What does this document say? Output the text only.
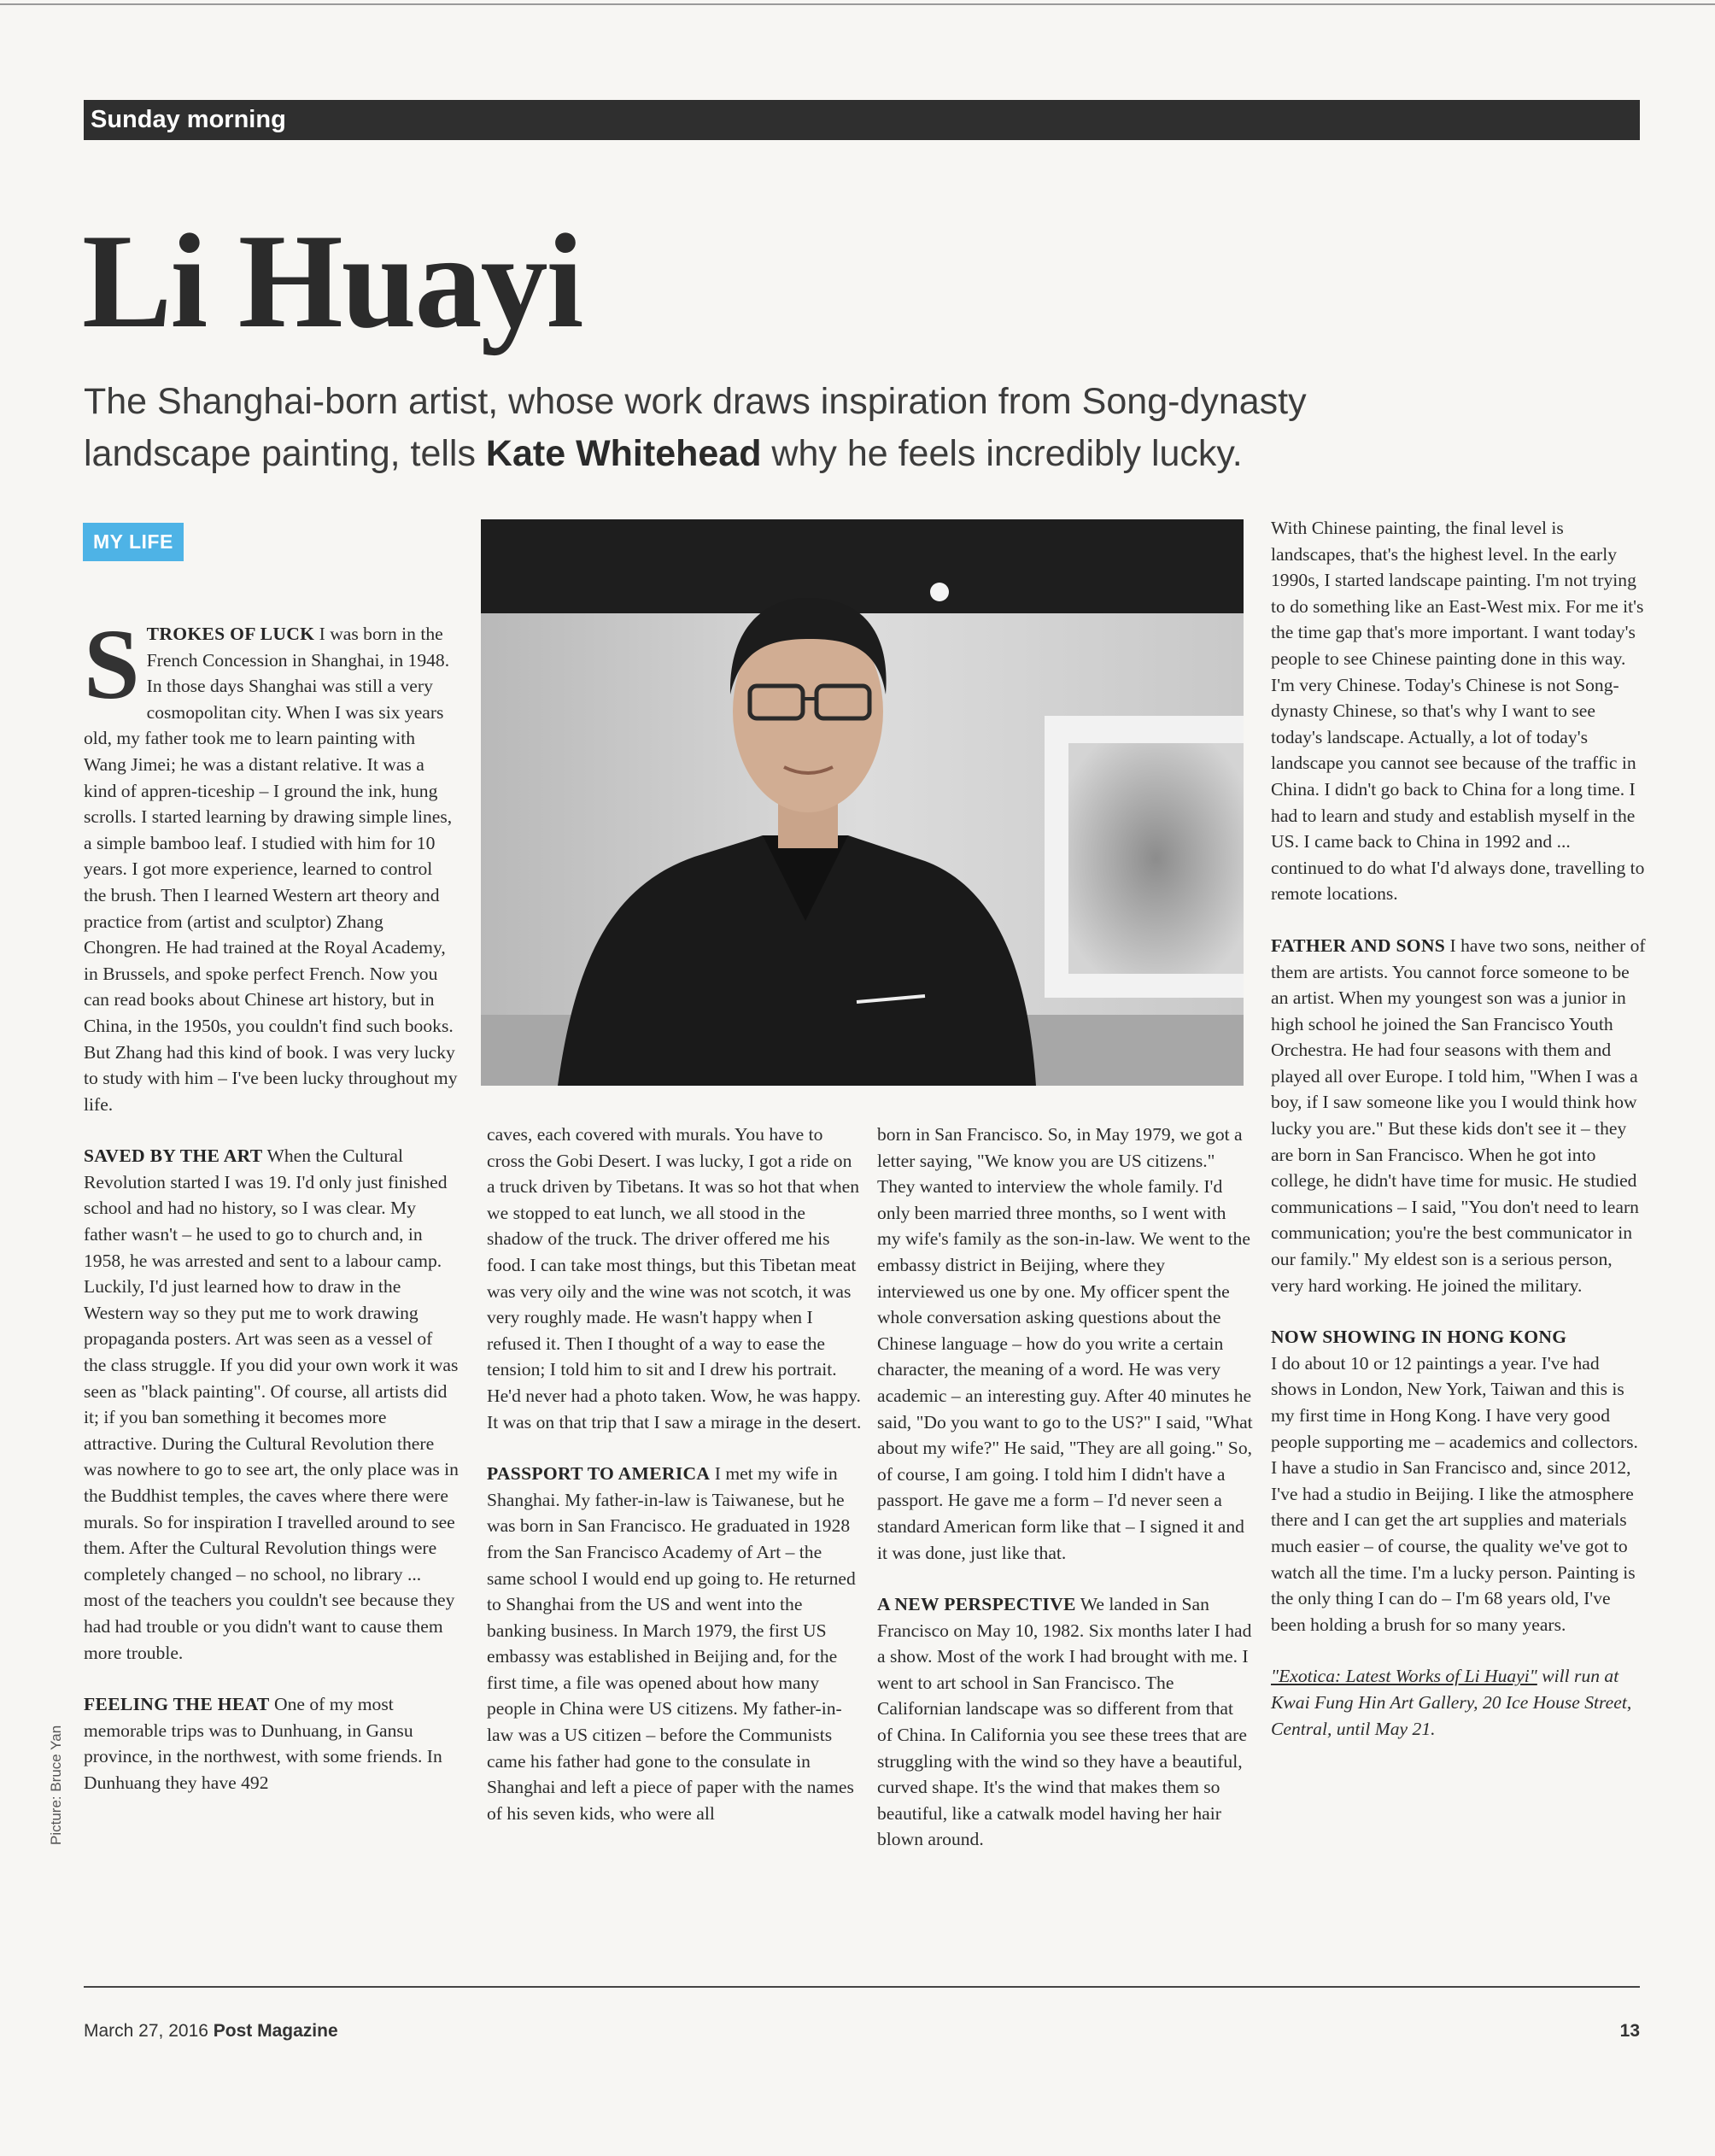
Sunday morning
Li Huayi
The Shanghai-born artist, whose work draws inspiration from Song-dynasty landscape painting, tells Kate Whitehead why he feels incredibly lucky.
MY LIFE
Picture: Bruce Yan

STROKES OF LUCK I was born in the French Concession in Shanghai, in 1948. In those days Shanghai was still a very cosmopolitan city. When I was six years old, my father took me to learn painting with Wang Jimei; he was a distant relative. It was a kind of appren-ticeship – I ground the ink, hung scrolls. I started learning by drawing simple lines, a simple bamboo leaf. I studied with him for 10 years. I got more experience, learned to control the brush. Then I learned Western art theory and practice from (artist and sculptor) Zhang Chongren. He had trained at the Royal Academy, in Brussels, and spoke perfect French. Now you can read books about Chinese art history, but in China, in the 1950s, you couldn't find such books. But Zhang had this kind of book. I was very lucky to study with him – I've been lucky throughout my life.

SAVED BY THE ART When the Cultural Revolution started I was 19. I'd only just finished school and had no history, so I was clear. My father wasn't – he used to go to church and, in 1958, he was arrested and sent to a labour camp. Luckily, I'd just learned how to draw in the Western way so they put me to work drawing propaganda posters. Art was seen as a vessel of the class struggle. If you did your own work it was seen as "black painting". Of course, all artists did it; if you ban something it becomes more attractive. During the Cultural Revolution there was nowhere to go to see art, the only place was in the Buddhist temples, the caves where there were murals. So for inspiration I travelled around to see them. After the Cultural Revolution things were completely changed – no school, no library ... most of the teachers you couldn't see because they had had trouble or you didn't want to cause them more trouble.

FEELING THE HEAT One of my most memorable trips was to Dunhuang, in Gansu province, in the northwest, with some friends. In Dunhuang they have 492

caves, each covered with murals. You have to cross the Gobi Desert. I was lucky, I got a ride on a truck driven by Tibetans. It was so hot that when we stopped to eat lunch, we all stood in the shadow of the truck. The driver offered me his food. I can take most things, but this Tibetan meat was very oily and the wine was not scotch, it was very roughly made. He wasn't happy when I refused it. Then I thought of a way to ease the tension; I told him to sit and I drew his portrait. He'd never had a photo taken. Wow, he was happy. It was on that trip that I saw a mirage in the desert.

PASSPORT TO AMERICA I met my wife in Shanghai. My father-in-law is Taiwanese, but he was born in San Francisco. He graduated in 1928 from the San Francisco Academy of Art – the same school I would end up going to. He returned to Shanghai from the US and went into the banking business. In March 1979, the first US embassy was established in Beijing and, for the first time, a file was opened about how many people in China were US citizens. My father-in-law was a US citizen – before the Communists came his father had gone to the consulate in Shanghai and left a piece of paper with the names of his seven kids, who were all

born in San Francisco. So, in May 1979, we got a letter saying, "We know you are US citizens." They wanted to interview the whole family. I'd only been married three months, so I went with my wife's family as the son-in-law. We went to the embassy district in Beijing, where they interviewed us one by one. My officer spent the whole conversation asking questions about the Chinese language – how do you write a certain character, the meaning of a word. He was very academic – an interesting guy. After 40 minutes he said, "Do you want to go to the US?" I said, "What about my wife?" He said, "They are all going." So, of course, I am going. I told him I didn't have a passport. He gave me a form – I'd never seen a standard American form like that – I signed it and it was done, just like that.

A NEW PERSPECTIVE We landed in San Francisco on May 10, 1982. Six months later I had a show. Most of the work I had brought with me. I went to art school in San Francisco. The Californian landscape was so different from that of China. In California you see these trees that are struggling with the wind so they have a beautiful, curved shape. It's the wind that makes them so beautiful, like a catwalk model having her hair blown around.

With Chinese painting, the final level is landscapes, that's the highest level. In the early 1990s, I started landscape painting. I'm not trying to do something like an East-West mix. For me it's the time gap that's more important. I want today's people to see Chinese painting done in this way. I'm very Chinese. Today's Chinese is not Song-dynasty Chinese, so that's why I want to see today's landscape. Actually, a lot of today's landscape you cannot see because of the traffic in China. I didn't go back to China for a long time. I had to learn and study and establish myself in the US. I came back to China in 1992 and ... continued to do what I'd always done, travelling to remote locations.

FATHER AND SONS I have two sons, neither of them are artists. You cannot force someone to be an artist. When my youngest son was a junior in high school he joined the San Francisco Youth Orchestra. He had four seasons with them and played all over Europe. I told him, "When I was a boy, if I saw someone like you I would think how lucky you are." But these kids don't see it – they are born in San Francisco. When he got into college, he didn't have time for music. He studied communications – I said, "You don't need to learn communication; you're the best communicator in our family." My eldest son is a serious person, very hard working. He joined the military.

NOW SHOWING IN HONG KONG
I do about 10 or 12 paintings a year. I've had shows in London, New York, Taiwan and this is my first time in Hong Kong. I have very good people supporting me – academics and collectors. I have a studio in San Francisco and, since 2012, I've had a studio in Beijing. I like the atmosphere there and I can get the art supplies and materials much easier – of course, the quality we've got to watch all the time. I'm a lucky person. Painting is the only thing I can do – I'm 68 years old, I've been holding a brush for so many years.

"Exotica: Latest Works of Li Huayi" will run at Kwai Fung Hin Art Gallery, 20 Ice House Street, Central, until May 21.

March 27, 2016 Post Magazine	13
